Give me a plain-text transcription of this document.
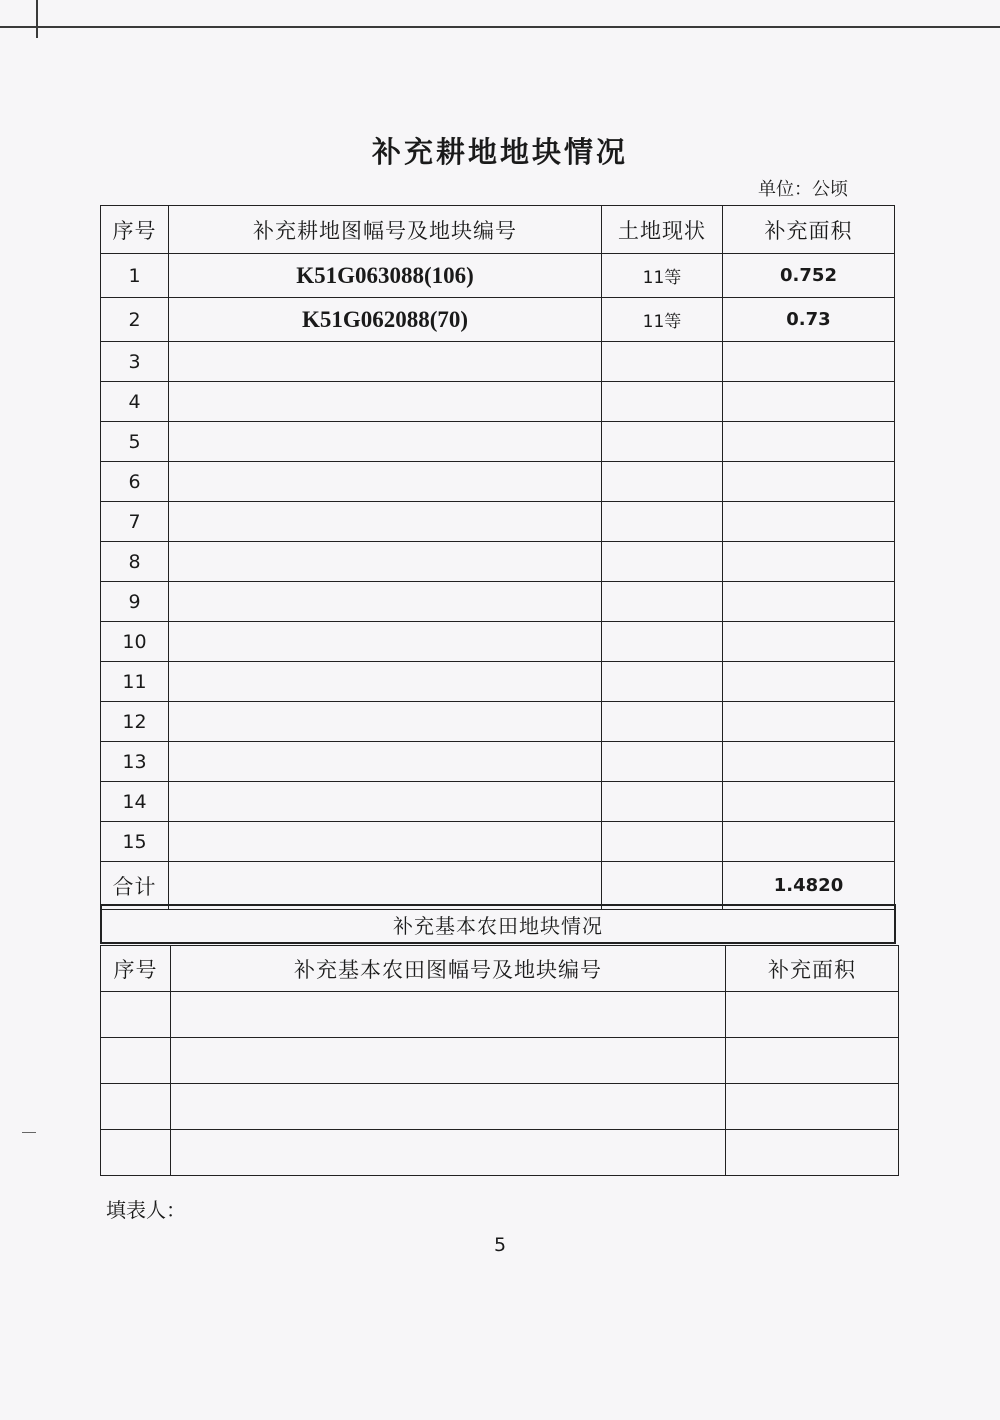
补充耕地地块情况
单位：公顷
序号	补充耕地图幅号及地块编号	土地现状	补充面积
1	K51G063088(106)	11等	0.752
2	K51G062088(70)	11等	0.73
3			
4			
5			
6			
7			
8			
9			
10			
11			
12			
13			
14			
15			
合计			1.4820
补充基本农田地块情况
序号	补充基本农田图幅号及地块编号	补充面积

填表人：
5
